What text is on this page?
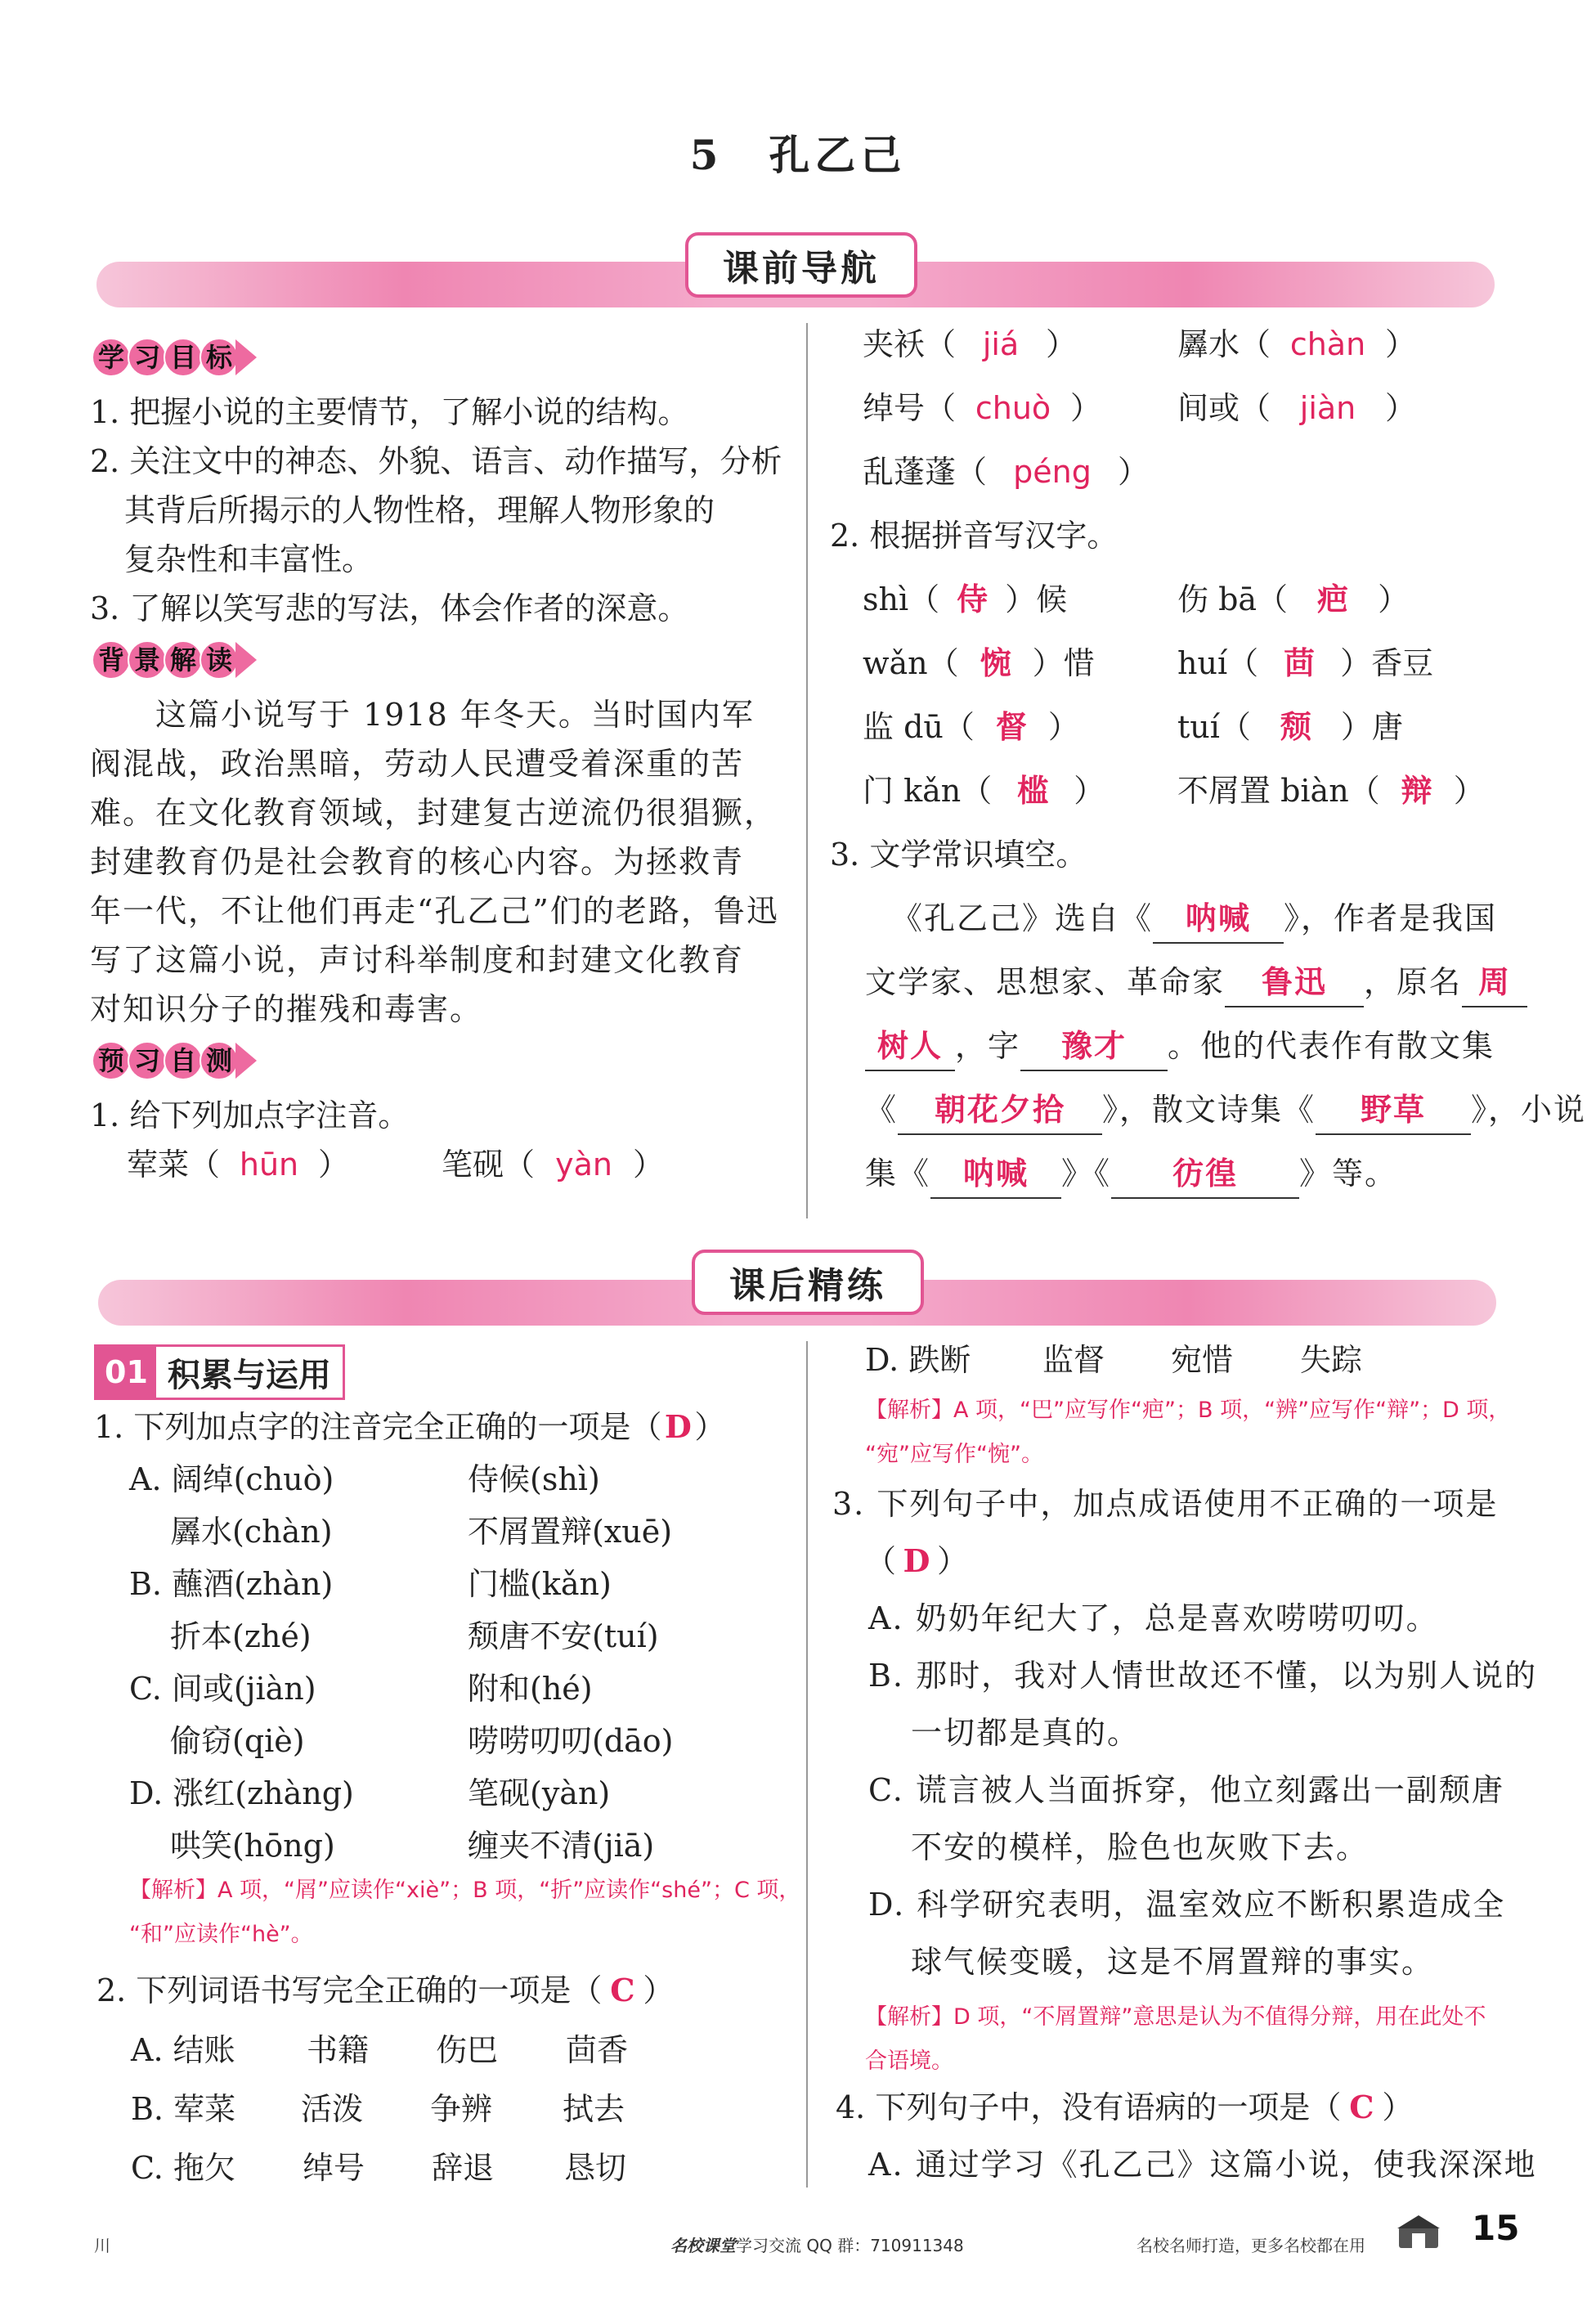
5　孔乙己
课前导航
学 习 目 标
1. 把握小说的主要情节，了解小说的结构。
2. 关注文中的神态、外貌、语言、动作描写，分析
其背后所揭示的人物性格，理解人物形象的
复杂性和丰富性。
3. 了解以笑写悲的写法，体会作者的深意。
背 景 解 读
这篇小说写于 1918 年冬天。当时国内军
阀混战，政治黑暗，劳动人民遭受着深重的苦
难。在文化教育领域，封建复古逆流仍很猖獗，
封建教育仍是社会教育的核心内容。为拯救青
年一代，不让他们再走“孔乙己”们的老路，鲁迅
写了这篇小说，声讨科举制度和封建文化教育
对知识分子的摧残和毒害。
预 习 自 测
1. 给下列加点字注音。
荤菜（ hūn ）	笔砚（ yàn ）
夹袄（ jiá ）	羼水（ chàn ）
绰号（ chuò ） 间或（ jiàn ）
乱蓬蓬（ péng ）
2. 根据拼音写汉字。
shì（ 侍 ）候	伤 bā（ 疤 ）
wǎn（ 惋 ）惜	huí（ 茴 ）香豆
监 dū（ 督 ）	tuí（ 颓 ）唐
门 kǎn（ 槛 ） 不屑置 biàn（ 辩 ）
3. 文学常识填空。
《孔乙己》选自《 呐喊 》，作者是我国
文学家、思想家、革命家 鲁迅 ，原名 周
树人 ，字 豫才 。他的代表作有散文集
《 朝花夕拾 》，散文诗集《 野草 》，小说
集《 呐喊 》《 彷徨 》等。
课后精练
01 积累与运用
1. 下列加点字的注音完全正确的一项是（D）
A. 阔绰(chuò)	侍候(shì)
羼水(chàn)	不屑置辩(xuē)
B. 蘸酒(zhàn)	门槛(kǎn)
折本(zhé)	颓唐不安(tuí)
C. 间或(jiàn)	附和(hé)
偷窃(qiè)	唠唠叨叨(dāo)
D. 涨红(zhàng)	笔砚(yàn)
哄笑(hōng)	缠夹不清(jiā)
【解析】A 项，“屑”应读作“xiè”；B 项，“折”应读作“shé”；C 项，
“和”应读作“hè”。
2. 下列词语书写完全正确的一项是（ C ）
A. 结账 书籍 伤巴 茴香
B. 荤菜 活泼 争辨 拭去
C. 拖欠 绰号 辞退 恳切
D. 跌断 监督 宛惜 失踪
【解析】A 项，“巴”应写作“疤”；B 项，“辨”应写作“辩”；D 项，
“宛”应写作“惋”。
3. 下列句子中，加点成语使用不正确的一项是
（ D ）
A. 奶奶年纪大了，总是喜欢唠唠叨叨。
B. 那时，我对人情世故还不懂，以为别人说的
一切都是真的。
C. 谎言被人当面拆穿，他立刻露出一副颓唐
不安的模样，脸色也灰败下去。
D. 科学研究表明，温室效应不断积累造成全
球气候变暖，这是不屑置辩的事实。
【解析】D 项，“不屑置辩”意思是认为不值得分辩，用在此处不
合语境。
4. 下列句子中，没有语病的一项是（ C ）
A. 通过学习《孔乙己》这篇小说，使我深深地
川	名校课堂学习交流 QQ 群：710911348	名校名师打造，更多名校都在用	15
